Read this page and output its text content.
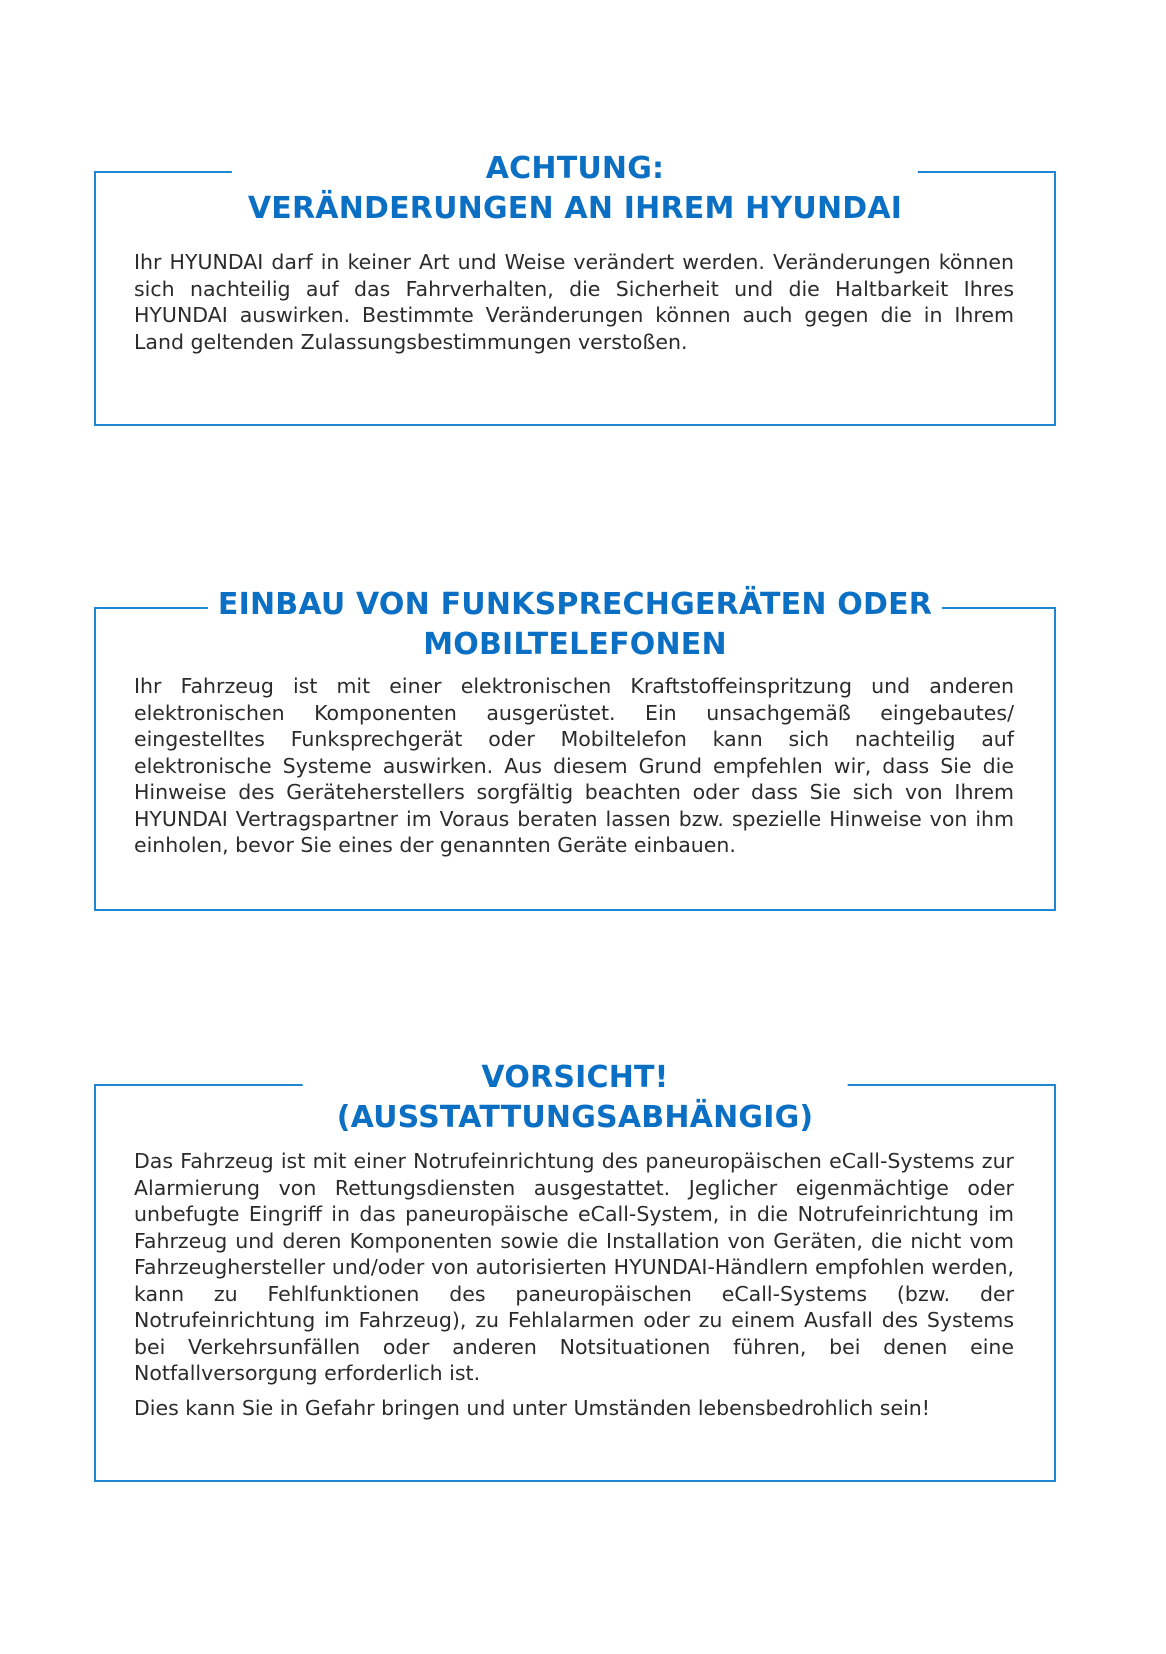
ACHTUNG:
VERÄNDERUNGEN AN IHREM HYUNDAI

Ihr HYUNDAI darf in keiner Art und Weise verändert werden. Veränderungen können sich nachteilig auf das Fahrverhalten, die Sicherheit und die Haltbarkeit Ihres HYUNDAI auswirken. Bestimmte Veränderungen können auch gegen die in Ihrem Land geltenden Zulassungsbestimmungen verstoßen.

EINBAU VON FUNKSPRECHGERÄTEN ODER
MOBILTELEFONEN

Ihr Fahrzeug ist mit einer elektronischen Kraftstoffeinspritzung und anderen elektronischen Komponenten ausgerüstet. Ein unsachgemäß eingebautes/ eingestelltes Funksprechgerät oder Mobiltelefon kann sich nachteilig auf elektronische Systeme auswirken. Aus diesem Grund empfehlen wir, dass Sie die Hinweise des Geräteherstellers sorgfältig beachten oder dass Sie sich von Ihrem HYUNDAI Vertragspartner im Voraus beraten lassen bzw. spezielle Hinweise von ihm einholen, bevor Sie eines der genannten Geräte einbauen.

VORSICHT!
(AUSSTATTUNGSABHÄNGIG)

Das Fahrzeug ist mit einer Notrufeinrichtung des paneuropäischen eCall-Systems zur Alarmierung von Rettungsdiensten ausgestattet. Jeglicher eigenmächtige oder unbefugte Eingriff in das paneuropäische eCall-System, in die Notrufeinrichtung im Fahrzeug und deren Komponenten sowie die Installation von Geräten, die nicht vom Fahrzeughersteller und/oder von autorisierten HYUNDAI-Händlern empfohlen werden, kann zu Fehlfunktionen des paneuropäischen eCall-Systems (bzw. der Notrufeinrichtung im Fahrzeug), zu Fehlalarmen oder zu einem Ausfall des Systems bei Verkehrsunfällen oder anderen Notsituationen führen, bei denen eine Notfallversorgung erforderlich ist.

Dies kann Sie in Gefahr bringen und unter Umständen lebensbedrohlich sein!
